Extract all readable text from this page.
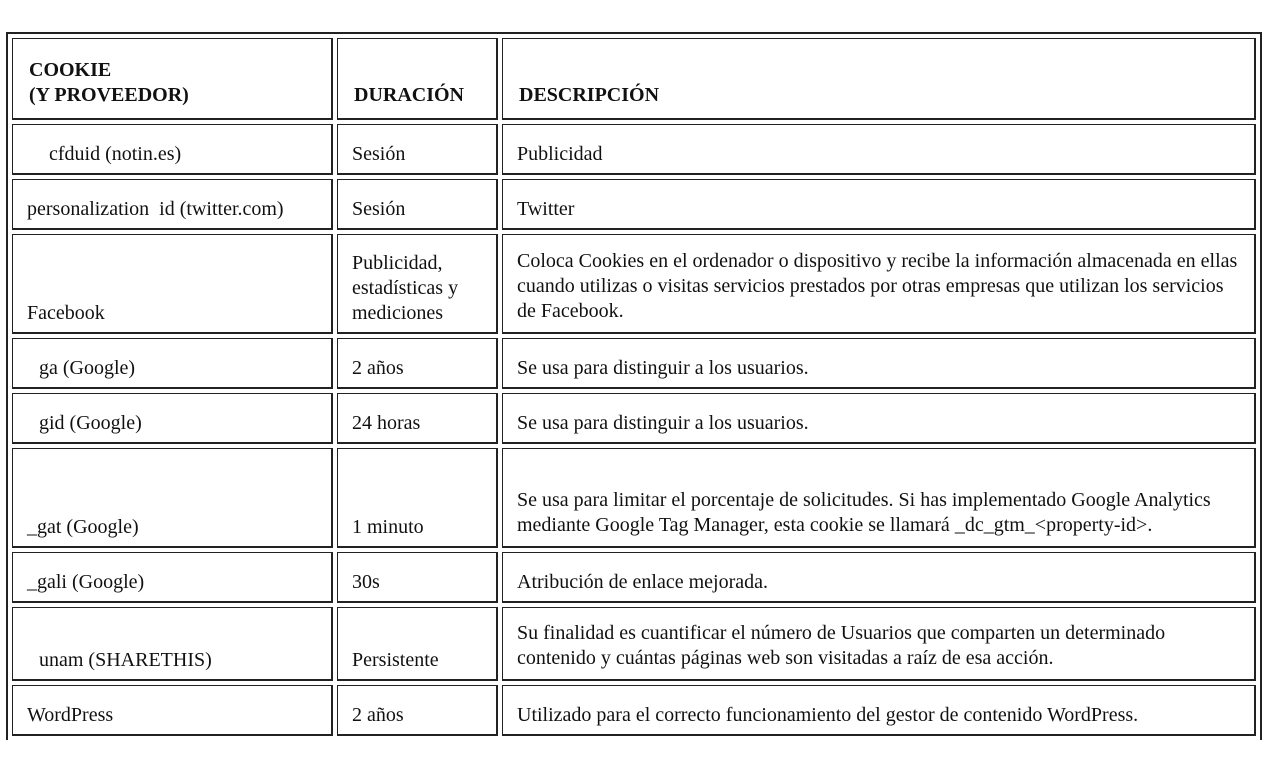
COOKIE
(Y PROVEEDOR)	DURACIÓN	DESCRIPCIÓN
cfduid (notin.es)	Sesión	Publicidad
personalization  id (twitter.com)	Sesión	Twitter
Facebook	Publicidad, estadísticas y mediciones	Coloca Cookies en el ordenador o dispositivo y recibe la información almacenada en ellas cuando utilizas o visitas servicios prestados por otras empresas que utilizan los servicios de Facebook.
ga (Google)	2 años	Se usa para distinguir a los usuarios.
gid (Google)	24 horas	Se usa para distinguir a los usuarios.
_gat (Google)	1 minuto	Se usa para limitar el porcentaje de solicitudes. Si has implementado Google Analytics mediante Google Tag Manager, esta cookie se llamará _dc_gtm_<property-id>.
_gali (Google)	30s	Atribución de enlace mejorada.
unam (SHARETHIS)	Persistente	Su finalidad es cuantificar el número de Usuarios que comparten un determinado contenido y cuántas páginas web son visitadas a raíz de esa acción.
WordPress	2 años	Utilizado para el correcto funcionamiento del gestor de contenido WordPress.
